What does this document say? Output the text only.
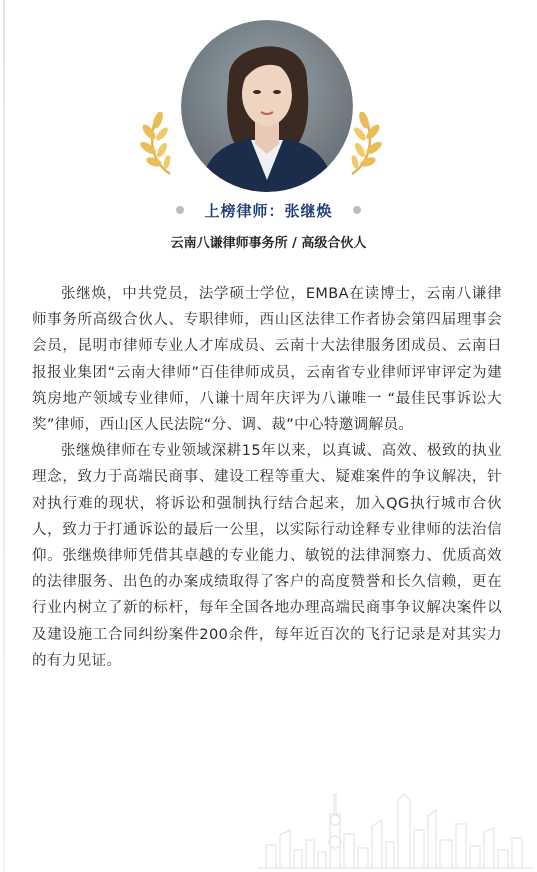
上榜律师：张继焕
云南八谦律师事务所 / 高级合伙人

张继焕，中共党员，法学硕士学位，EMBA在读博士，云南八谦律师事务所高级合伙人、专职律师，西山区法律工作者协会第四届理事会会员，昆明市律师专业人才库成员、云南十大法律服务团成员、云南日报报业集团“云南大律师”百佳律师成员，云南省专业律师评审评定为建筑房地产领域专业律师，八谦十周年庆评为八谦唯一 “最佳民事诉讼大奖”律师，西山区人民法院“分、调、裁”中心特邀调解员。

张继焕律师在专业领域深耕15年以来，以真诚、高效、极致的执业理念，致力于高端民商事、建设工程等重大、疑难案件的争议解决，针对执行难的现状，将诉讼和强制执行结合起来，加入QG执行城市合伙人，致力于打通诉讼的最后一公里，以实际行动诠释专业律师的法治信仰。张继焕律师凭借其卓越的专业能力、敏锐的法律洞察力、优质高效的法律服务、出色的办案成绩取得了客户的高度赞誉和长久信赖，更在行业内树立了新的标杆，每年全国各地办理高端民商事争议解决案件以及建设施工合同纠纷案件200余件，每年近百次的飞行记录是对其实力的有力见证。
